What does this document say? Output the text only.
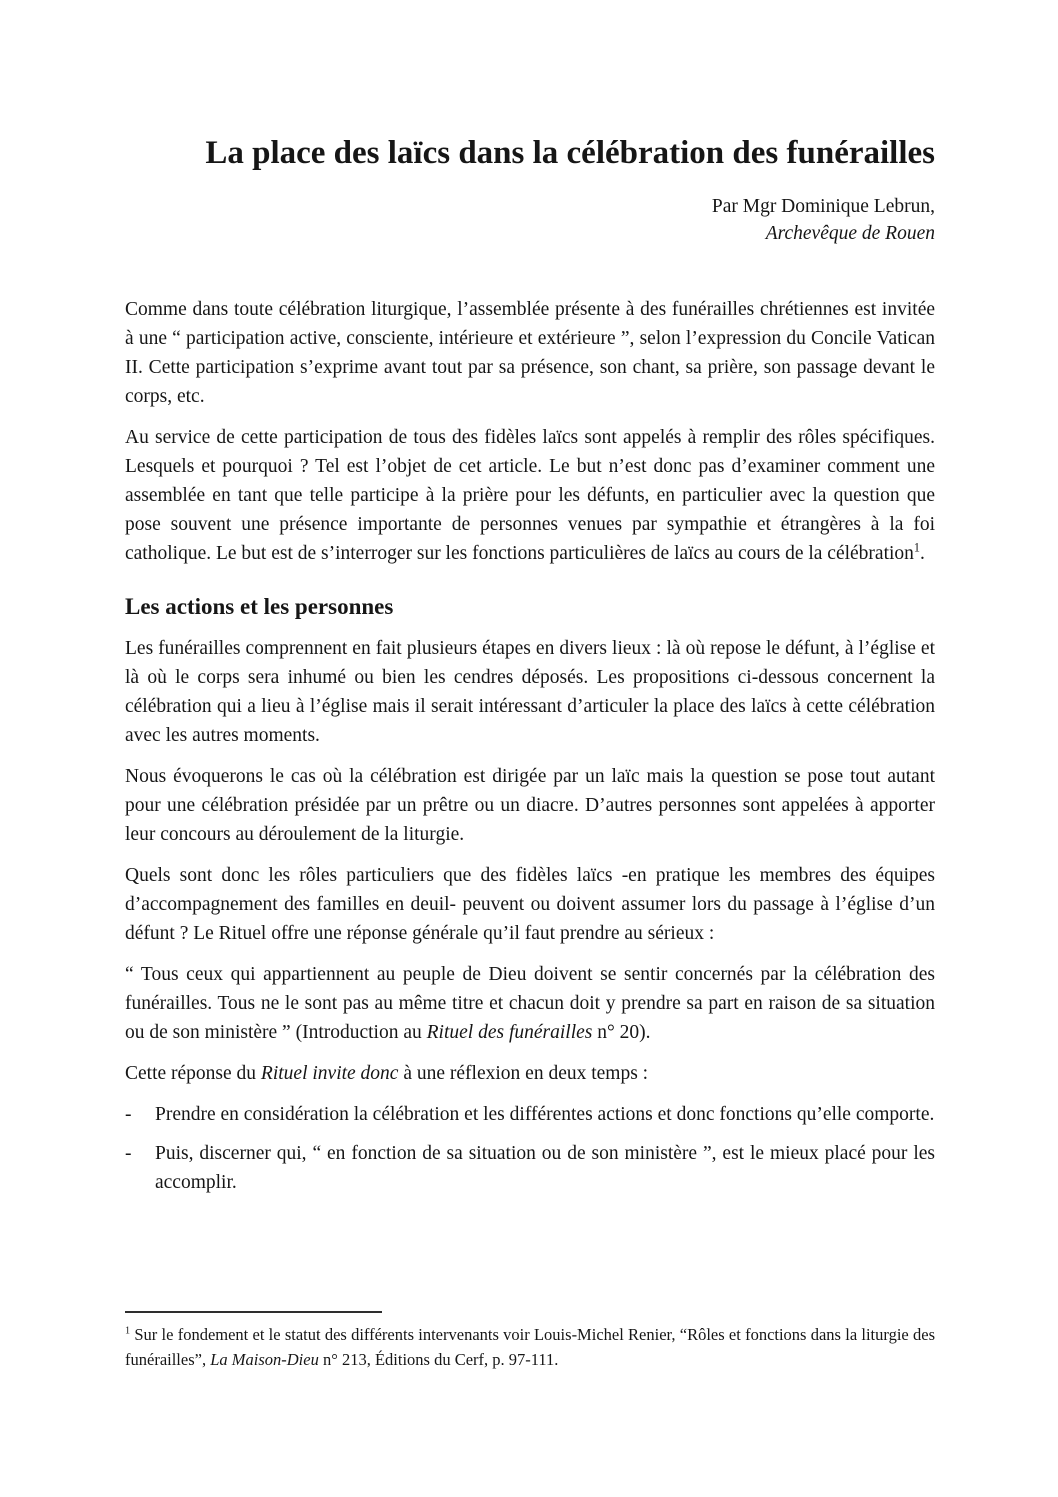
La place des laïcs dans la célébration des funérailles
Par Mgr Dominique Lebrun,
Archevêque de Rouen

Comme dans toute célébration liturgique, l’assemblée présente à des funérailles chrétiennes est invitée à une “ participation active, consciente, intérieure et extérieure ”, selon l’expression du Concile Vatican II. Cette participation s’exprime avant tout par sa présence, son chant, sa prière, son passage devant le corps, etc.

Au service de cette participation de tous des fidèles laïcs sont appelés à remplir des rôles spécifiques. Lesquels et pourquoi ? Tel est l’objet de cet article. Le but n’est donc pas d’examiner comment une assemblée en tant que telle participe à la prière pour les défunts, en particulier avec la question que pose souvent une présence importante de personnes venues par sympathie et étrangères à la foi catholique. Le but est de s’interroger sur les fonctions particulières de laïcs au cours de la célébration$^1$.

Les actions et les personnes

Les funérailles comprennent en fait plusieurs étapes en divers lieux : là où repose le défunt, à l’église et là où le corps sera inhumé ou bien les cendres déposés. Les propositions ci-dessous concernent la célébration qui a lieu à l’église mais il serait intéressant d’articuler la place des laïcs à cette célébration avec les autres moments.

Nous évoquerons le cas où la célébration est dirigée par un laïc mais la question se pose tout autant pour une célébration présidée par un prêtre ou un diacre. D’autres personnes sont appelées à apporter leur concours au déroulement de la liturgie.

Quels sont donc les rôles particuliers que des fidèles laïcs -en pratique les membres des équipes d’accompagnement des familles en deuil- peuvent ou doivent assumer lors du passage à l’église d’un défunt ? Le Rituel offre une réponse générale qu’il faut prendre au sérieux :

“ Tous ceux qui appartiennent au peuple de Dieu doivent se sentir concernés par la célébration des funérailles. Tous ne le sont pas au même titre et chacun doit y prendre sa part en raison de sa situation ou de son ministère ” (Introduction au Rituel des funérailles n° 20).

Cette réponse du Rituel invite donc à une réflexion en deux temps :

-	Prendre en considération la célébration et les différentes actions et donc fonctions qu’elle comporte.
-	Puis, discerner qui, “ en fonction de sa situation ou de son ministère ”, est le mieux placé pour les accomplir.
$^1$ Sur le fondement et le statut des différents intervenants voir Louis-Michel Renier, “Rôles et fonctions dans la liturgie des funérailles”, La Maison-Dieu n° 213, Éditions du Cerf, p. 97-111.
